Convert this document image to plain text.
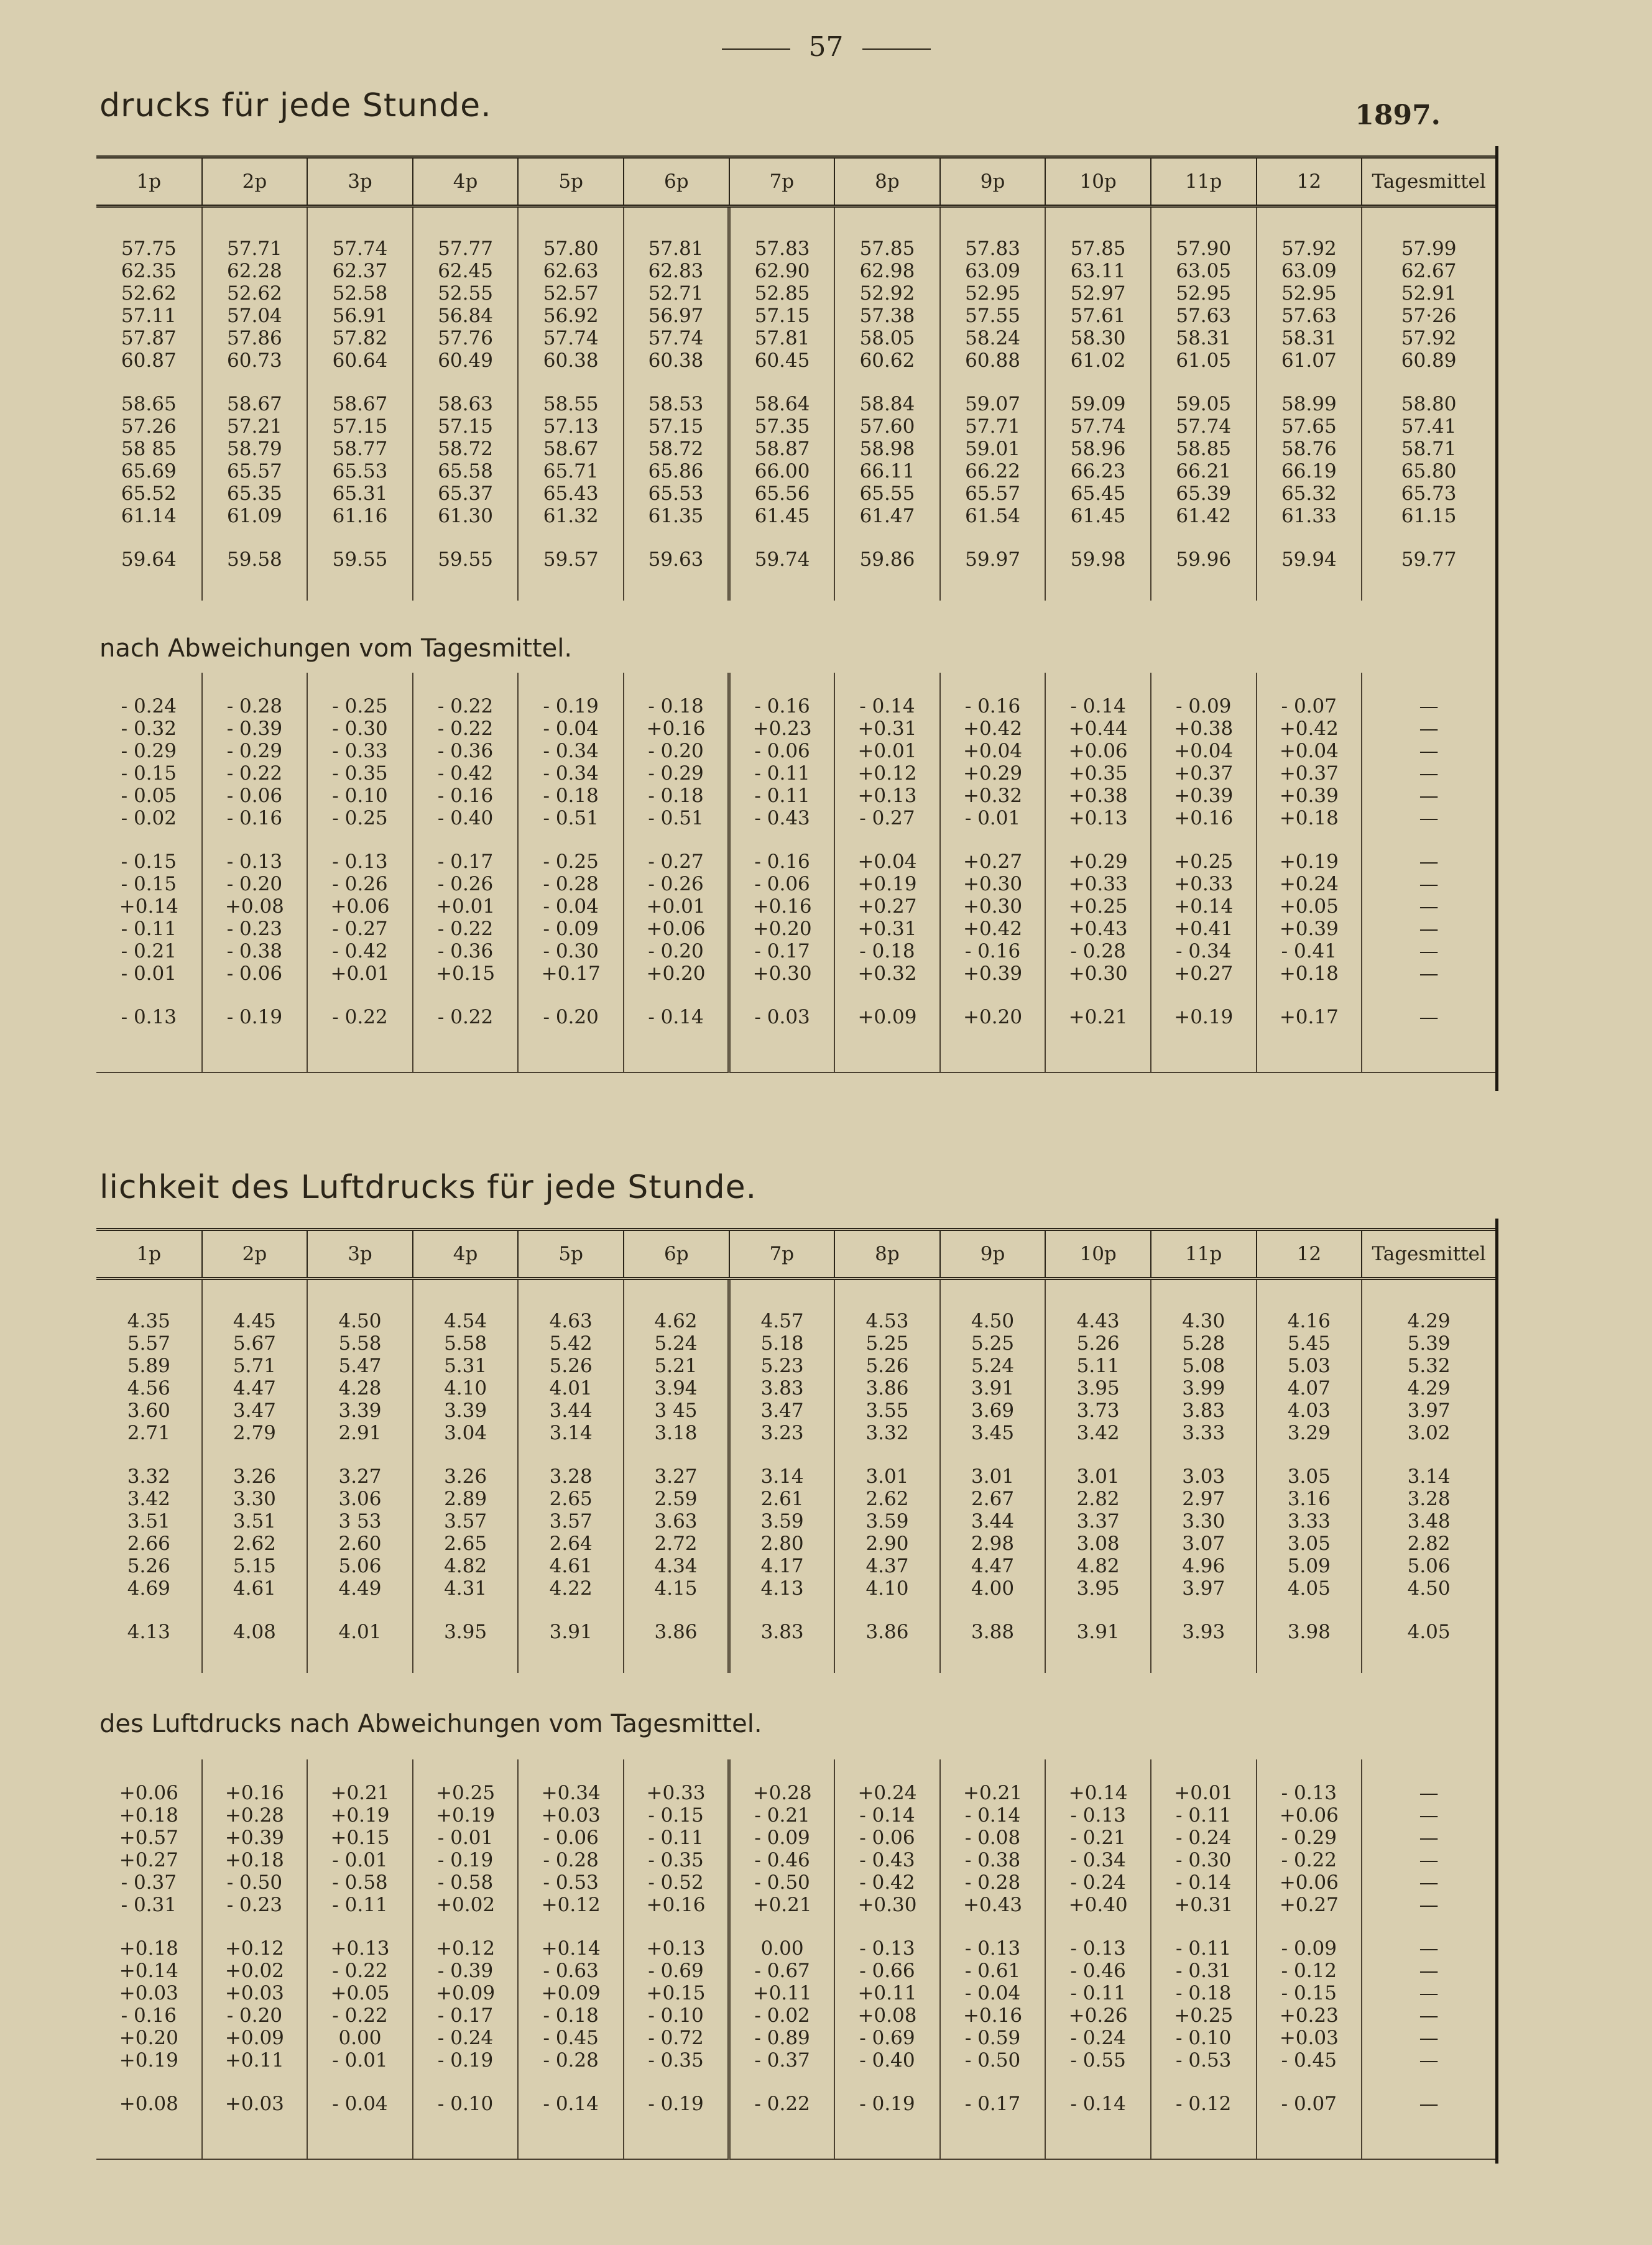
57
drucks für jede Stunde.	1897.
1p	2p	3p	4p	5p	6p	7p	8p	9p	10p	11p	12	Tagesmittel

57.75	57.71	57.74	57.77	57.80	57.81	57.83	57.85	57.83	57.85	57.90	57.92	57.99
62.35	62.28	62.37	62.45	62.63	62.83	62.90	62.98	63.09	63.11	63.05	63.09	62.67
52.62	52.62	52.58	52.55	52.57	52.71	52.85	52.92	52.95	52.97	52.95	52.95	52.91
57.11	57.04	56.91	56.84	56.92	56.97	57.15	57.38	57.55	57.61	57.63	57.63	57·26
57.87	57.86	57.82	57.76	57.74	57.74	57.81	58.05	58.24	58.30	58.31	58.31	57.92
60.87	60.73	60.64	60.49	60.38	60.38	60.45	60.62	60.88	61.02	61.05	61.07	60.89

58.65	58.67	58.67	58.63	58.55	58.53	58.64	58.84	59.07	59.09	59.05	58.99	58.80
57.26	57.21	57.15	57.15	57.13	57.15	57.35	57.60	57.71	57.74	57.74	57.65	57.41
58 85	58.79	58.77	58.72	58.67	58.72	58.87	58.98	59.01	58.96	58.85	58.76	58.71
65.69	65.57	65.53	65.58	65.71	65.86	66.00	66.11	66.22	66.23	66.21	66.19	65.80
65.52	65.35	65.31	65.37	65.43	65.53	65.56	65.55	65.57	65.45	65.39	65.32	65.73
61.14	61.09	61.16	61.30	61.32	61.35	61.45	61.47	61.54	61.45	61.42	61.33	61.15

59.64	59.58	59.55	59.55	59.57	59.63	59.74	59.86	59.97	59.98	59.96	59.94	59.77

nach Abweichungen vom Tagesmittel.

- 0.24	- 0.28	- 0.25	- 0.22	- 0.19	- 0.18	- 0.16	- 0.14	- 0.16	- 0.14	- 0.09	- 0.07	—
- 0.32	- 0.39	- 0.30	- 0.22	- 0.04	+0.16	+0.23	+0.31	+0.42	+0.44	+0.38	+0.42	—
- 0.29	- 0.29	- 0.33	- 0.36	- 0.34	- 0.20	- 0.06	+0.01	+0.04	+0.06	+0.04	+0.04	—
- 0.15	- 0.22	- 0.35	- 0.42	- 0.34	- 0.29	- 0.11	+0.12	+0.29	+0.35	+0.37	+0.37	—
- 0.05	- 0.06	- 0.10	- 0.16	- 0.18	- 0.18	- 0.11	+0.13	+0.32	+0.38	+0.39	+0.39	—
- 0.02	- 0.16	- 0.25	- 0.40	- 0.51	- 0.51	- 0.43	- 0.27	- 0.01	+0.13	+0.16	+0.18	—

- 0.15	- 0.13	- 0.13	- 0.17	- 0.25	- 0.27	- 0.16	+0.04	+0.27	+0.29	+0.25	+0.19	—
- 0.15	- 0.20	- 0.26	- 0.26	- 0.28	- 0.26	- 0.06	+0.19	+0.30	+0.33	+0.33	+0.24	—
+0.14	+0.08	+0.06	+0.01	- 0.04	+0.01	+0.16	+0.27	+0.30	+0.25	+0.14	+0.05	—
- 0.11	- 0.23	- 0.27	- 0.22	- 0.09	+0.06	+0.20	+0.31	+0.42	+0.43	+0.41	+0.39	—
- 0.21	- 0.38	- 0.42	- 0.36	- 0.30	- 0.20	- 0.17	- 0.18	- 0.16	- 0.28	- 0.34	- 0.41	—
- 0.01	- 0.06	+0.01	+0.15	+0.17	+0.20	+0.30	+0.32	+0.39	+0.30	+0.27	+0.18	—

- 0.13	- 0.19	- 0.22	- 0.22	- 0.20	- 0.14	- 0.03	+0.09	+0.20	+0.21	+0.19	+0.17	—

lichkeit des Luftdrucks für jede Stunde.
1p	2p	3p	4p	5p	6p	7p	8p	9p	10p	11p	12	Tagesmittel

4.35	4.45	4.50	4.54	4.63	4.62	4.57	4.53	4.50	4.43	4.30	4.16	4.29
5.57	5.67	5.58	5.58	5.42	5.24	5.18	5.25	5.25	5.26	5.28	5.45	5.39
5.89	5.71	5.47	5.31	5.26	5.21	5.23	5.26	5.24	5.11	5.08	5.03	5.32
4.56	4.47	4.28	4.10	4.01	3.94	3.83	3.86	3.91	3.95	3.99	4.07	4.29
3.60	3.47	3.39	3.39	3.44	3 45	3.47	3.55	3.69	3.73	3.83	4.03	3.97
2.71	2.79	2.91	3.04	3.14	3.18	3.23	3.32	3.45	3.42	3.33	3.29	3.02

3.32	3.26	3.27	3.26	3.28	3.27	3.14	3.01	3.01	3.01	3.03	3.05	3.14
3.42	3.30	3.06	2.89	2.65	2.59	2.61	2.62	2.67	2.82	2.97	3.16	3.28
3.51	3.51	3 53	3.57	3.57	3.63	3.59	3.59	3.44	3.37	3.30	3.33	3.48
2.66	2.62	2.60	2.65	2.64	2.72	2.80	2.90	2.98	3.08	3.07	3.05	2.82
5.26	5.15	5.06	4.82	4.61	4.34	4.17	4.37	4.47	4.82	4.96	5.09	5.06
4.69	4.61	4.49	4.31	4.22	4.15	4.13	4.10	4.00	3.95	3.97	4.05	4.50

4.13	4.08	4.01	3.95	3.91	3.86	3.83	3.86	3.88	3.91	3.93	3.98	4.05

des Luftdrucks nach Abweichungen vom Tagesmittel.

+0.06	+0.16	+0.21	+0.25	+0.34	+0.33	+0.28	+0.24	+0.21	+0.14	+0.01	- 0.13	—
+0.18	+0.28	+0.19	+0.19	+0.03	- 0.15	- 0.21	- 0.14	- 0.14	- 0.13	- 0.11	+0.06	—
+0.57	+0.39	+0.15	- 0.01	- 0.06	- 0.11	- 0.09	- 0.06	- 0.08	- 0.21	- 0.24	- 0.29	—
+0.27	+0.18	- 0.01	- 0.19	- 0.28	- 0.35	- 0.46	- 0.43	- 0.38	- 0.34	- 0.30	- 0.22	—
- 0.37	- 0.50	- 0.58	- 0.58	- 0.53	- 0.52	- 0.50	- 0.42	- 0.28	- 0.24	- 0.14	+0.06	—
- 0.31	- 0.23	- 0.11	+0.02	+0.12	+0.16	+0.21	+0.30	+0.43	+0.40	+0.31	+0.27	—

+0.18	+0.12	+0.13	+0.12	+0.14	+0.13	0.00	- 0.13	- 0.13	- 0.13	- 0.11	- 0.09	—
+0.14	+0.02	- 0.22	- 0.39	- 0.63	- 0.69	- 0.67	- 0.66	- 0.61	- 0.46	- 0.31	- 0.12	—
+0.03	+0.03	+0.05	+0.09	+0.09	+0.15	+0.11	+0.11	- 0.04	- 0.11	- 0.18	- 0.15	—
- 0.16	- 0.20	- 0.22	- 0.17	- 0.18	- 0.10	- 0.02	+0.08	+0.16	+0.26	+0.25	+0.23	—
+0.20	+0.09	0.00	- 0.24	- 0.45	- 0.72	- 0.89	- 0.69	- 0.59	- 0.24	- 0.10	+0.03	—
+0.19	+0.11	- 0.01	- 0.19	- 0.28	- 0.35	- 0.37	- 0.40	- 0.50	- 0.55	- 0.53	- 0.45	—

+0.08	+0.03	- 0.04	- 0.10	- 0.14	- 0.19	- 0.22	- 0.19	- 0.17	- 0.14	- 0.12	- 0.07	—
